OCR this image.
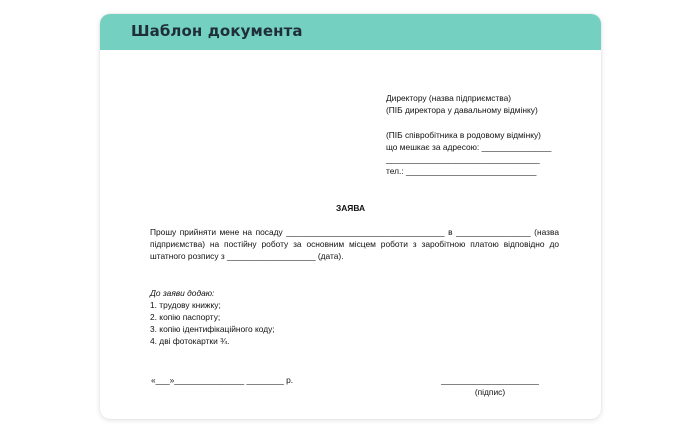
Шаблон документа
Директору (назва підприємства)
(ПІБ директора у давальному відмінку)
(ПІБ співробітника в родовому відмінку)
що мешкає за адресою: _______________
_________________________________
тел.: ____________________________
ЗАЯВА

Прошу прийняти мене на посаду __________________________________ в ________________ (назва підприємства) на постійну роботу за основним місцем роботи з заробітною платою відповідно до штатного розпису з ___________________ (дата).

До заяви додаю:
1. трудову книжку;
2. копію паспорту;
3. копію ідентифікаційного коду;
4. дві фотокартки ¾.
«___»_______________ ________ р.	_____________________
(підпис)
